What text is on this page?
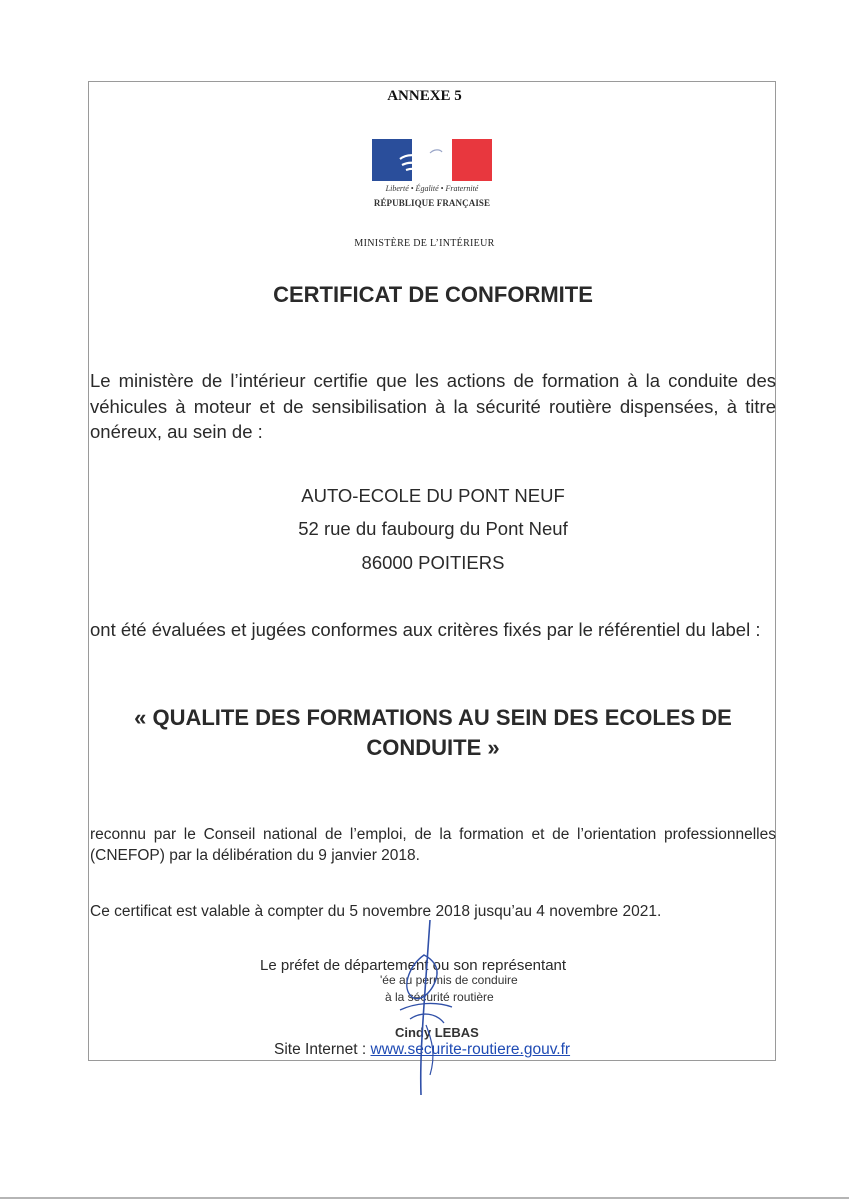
ANNEXE 5
Liberté • Égalité • Fraternité
RÉPUBLIQUE FRANÇAISE
MINISTÈRE DE L’INTÉRIEUR
CERTIFICAT DE CONFORMITE
Le ministère de l’intérieur certifie que les actions de formation à la conduite des véhicules à moteur et de sensibilisation à la sécurité routière dispensées, à titre onéreux, au sein de :
AUTO-ECOLE DU PONT NEUF
52 rue du faubourg du Pont Neuf
86000 POITIERS
ont été évaluées et jugées conformes aux critères fixés par le référentiel du label :
« QUALITE DES FORMATIONS AU SEIN DES ECOLES DE CONDUITE »
reconnu par le Conseil national de l’emploi, de la formation et de l’orientation professionnelles (CNEFOP) par la délibération du 9 janvier 2018.
Ce certificat est valable à compter du 5 novembre 2018 jusqu’au 4 novembre 2021.
Le préfet de département ou son représentant
'ée au permis de conduire
à la sécurité routière
Cindy LEBAS
Site Internet : www.securite-routiere.gouv.fr
